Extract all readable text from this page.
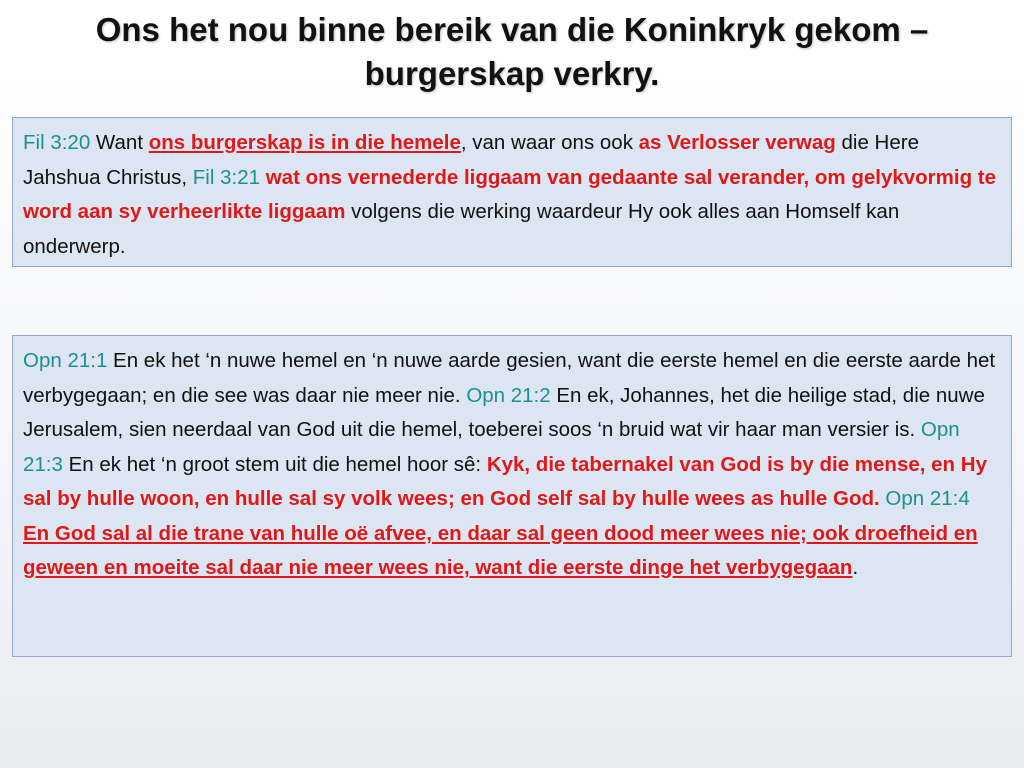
Ons het nou binne bereik van die Koninkryk gekom – burgerskap verkry.
Fil 3:20 Want ons burgerskap is in die hemele, van waar ons ook as Verlosser verwag die Here Jahshua Christus, Fil 3:21 wat ons vernederde liggaam van gedaante sal verander, om gelykvormig te word aan sy verheerlikte liggaam volgens die werking waardeur Hy ook alles aan Homself kan onderwerp.
Opn 21:1 En ek het ‘n nuwe hemel en ‘n nuwe aarde gesien, want die eerste hemel en die eerste aarde het verbygegaan; en die see was daar nie meer nie. Opn 21:2 En ek, Johannes, het die heilige stad, die nuwe Jerusalem, sien neerdaal van God uit die hemel, toeberei soos ‘n bruid wat vir haar man versier is. Opn 21:3 En ek het ‘n groot stem uit die hemel hoor sê: Kyk, die tabernakel van God is by die mense, en Hy sal by hulle woon, en hulle sal sy volk wees; en God self sal by hulle wees as hulle God. Opn 21:4 En God sal al die trane van hulle oë afvee, en daar sal geen dood meer wees nie; ook droefheid en geween en moeite sal daar nie meer wees nie, want die eerste dinge het verbygegaan.
